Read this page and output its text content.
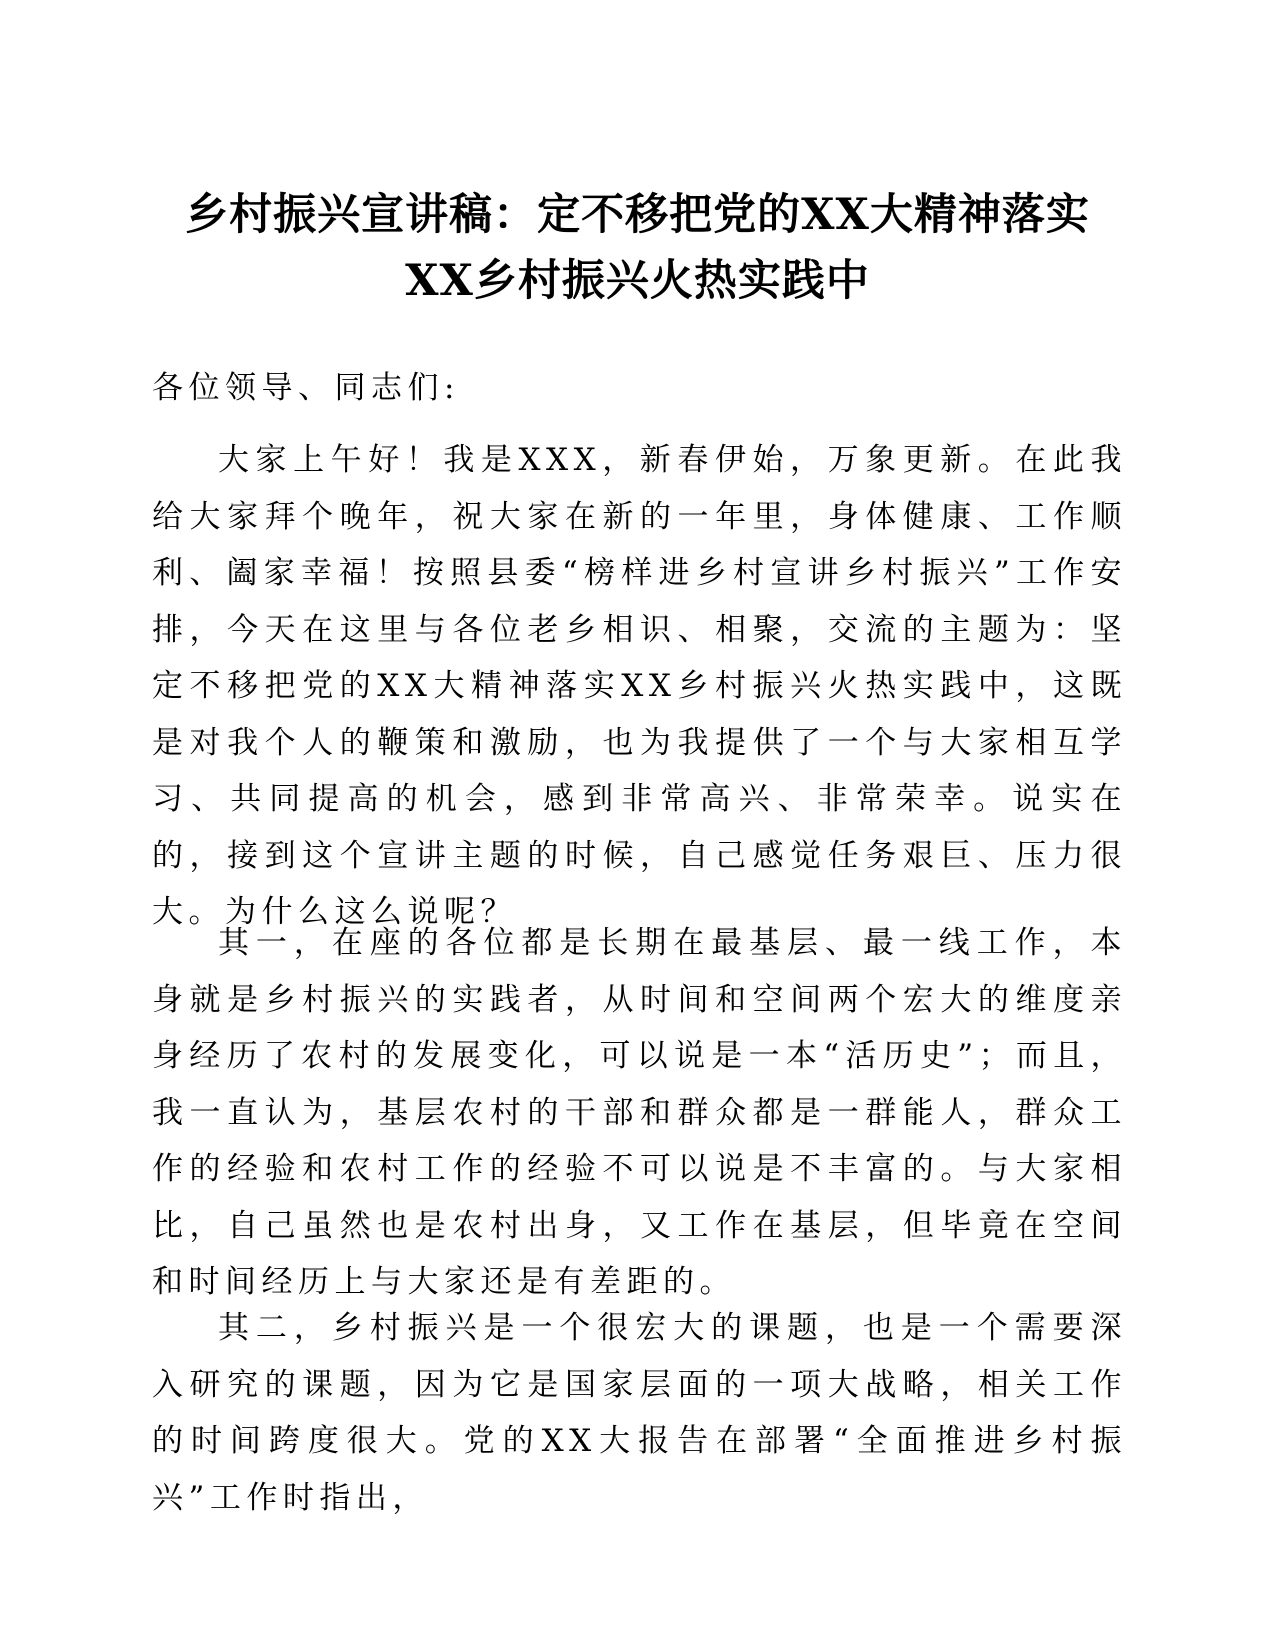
乡村振兴宣讲稿：定不移把党的XX大精神落实
XX乡村振兴火热实践中

各位领导、同志们:

大家上午好！我是XXX，新春伊始，万象更新。在此我给大家拜个晚年，祝大家在新的一年里，身体健康、工作顺利、阖家幸福！按照县委“榜样进乡村宣讲乡村振兴”工作安排，今天在这里与各位老乡相识、相聚，交流的主题为：坚定不移把党的XX大精神落实XX乡村振兴火热实践中，这既是对我个人的鞭策和激励，也为我提供了一个与大家相互学习、共同提高的机会，感到非常高兴、非常荣幸。说实在的，接到这个宣讲主题的时候，自己感觉任务艰巨、压力很大。为什么这么说呢？

其一，在座的各位都是长期在最基层、最一线工作，本身就是乡村振兴的实践者，从时间和空间两个宏大的维度亲身经历了农村的发展变化，可以说是一本“活历史”；而且，我一直认为，基层农村的干部和群众都是一群能人，群众工作的经验和农村工作的经验不可以说是不丰富的。与大家相比，自己虽然也是农村出身，又工作在基层，但毕竟在空间和时间经历上与大家还是有差距的。

其二，乡村振兴是一个很宏大的课题，也是一个需要深入研究的课题，因为它是国家层面的一项大战略，相关工作的时间跨度很大。党的XX大报告在部署“全面推进乡村振兴”工作时指出，
